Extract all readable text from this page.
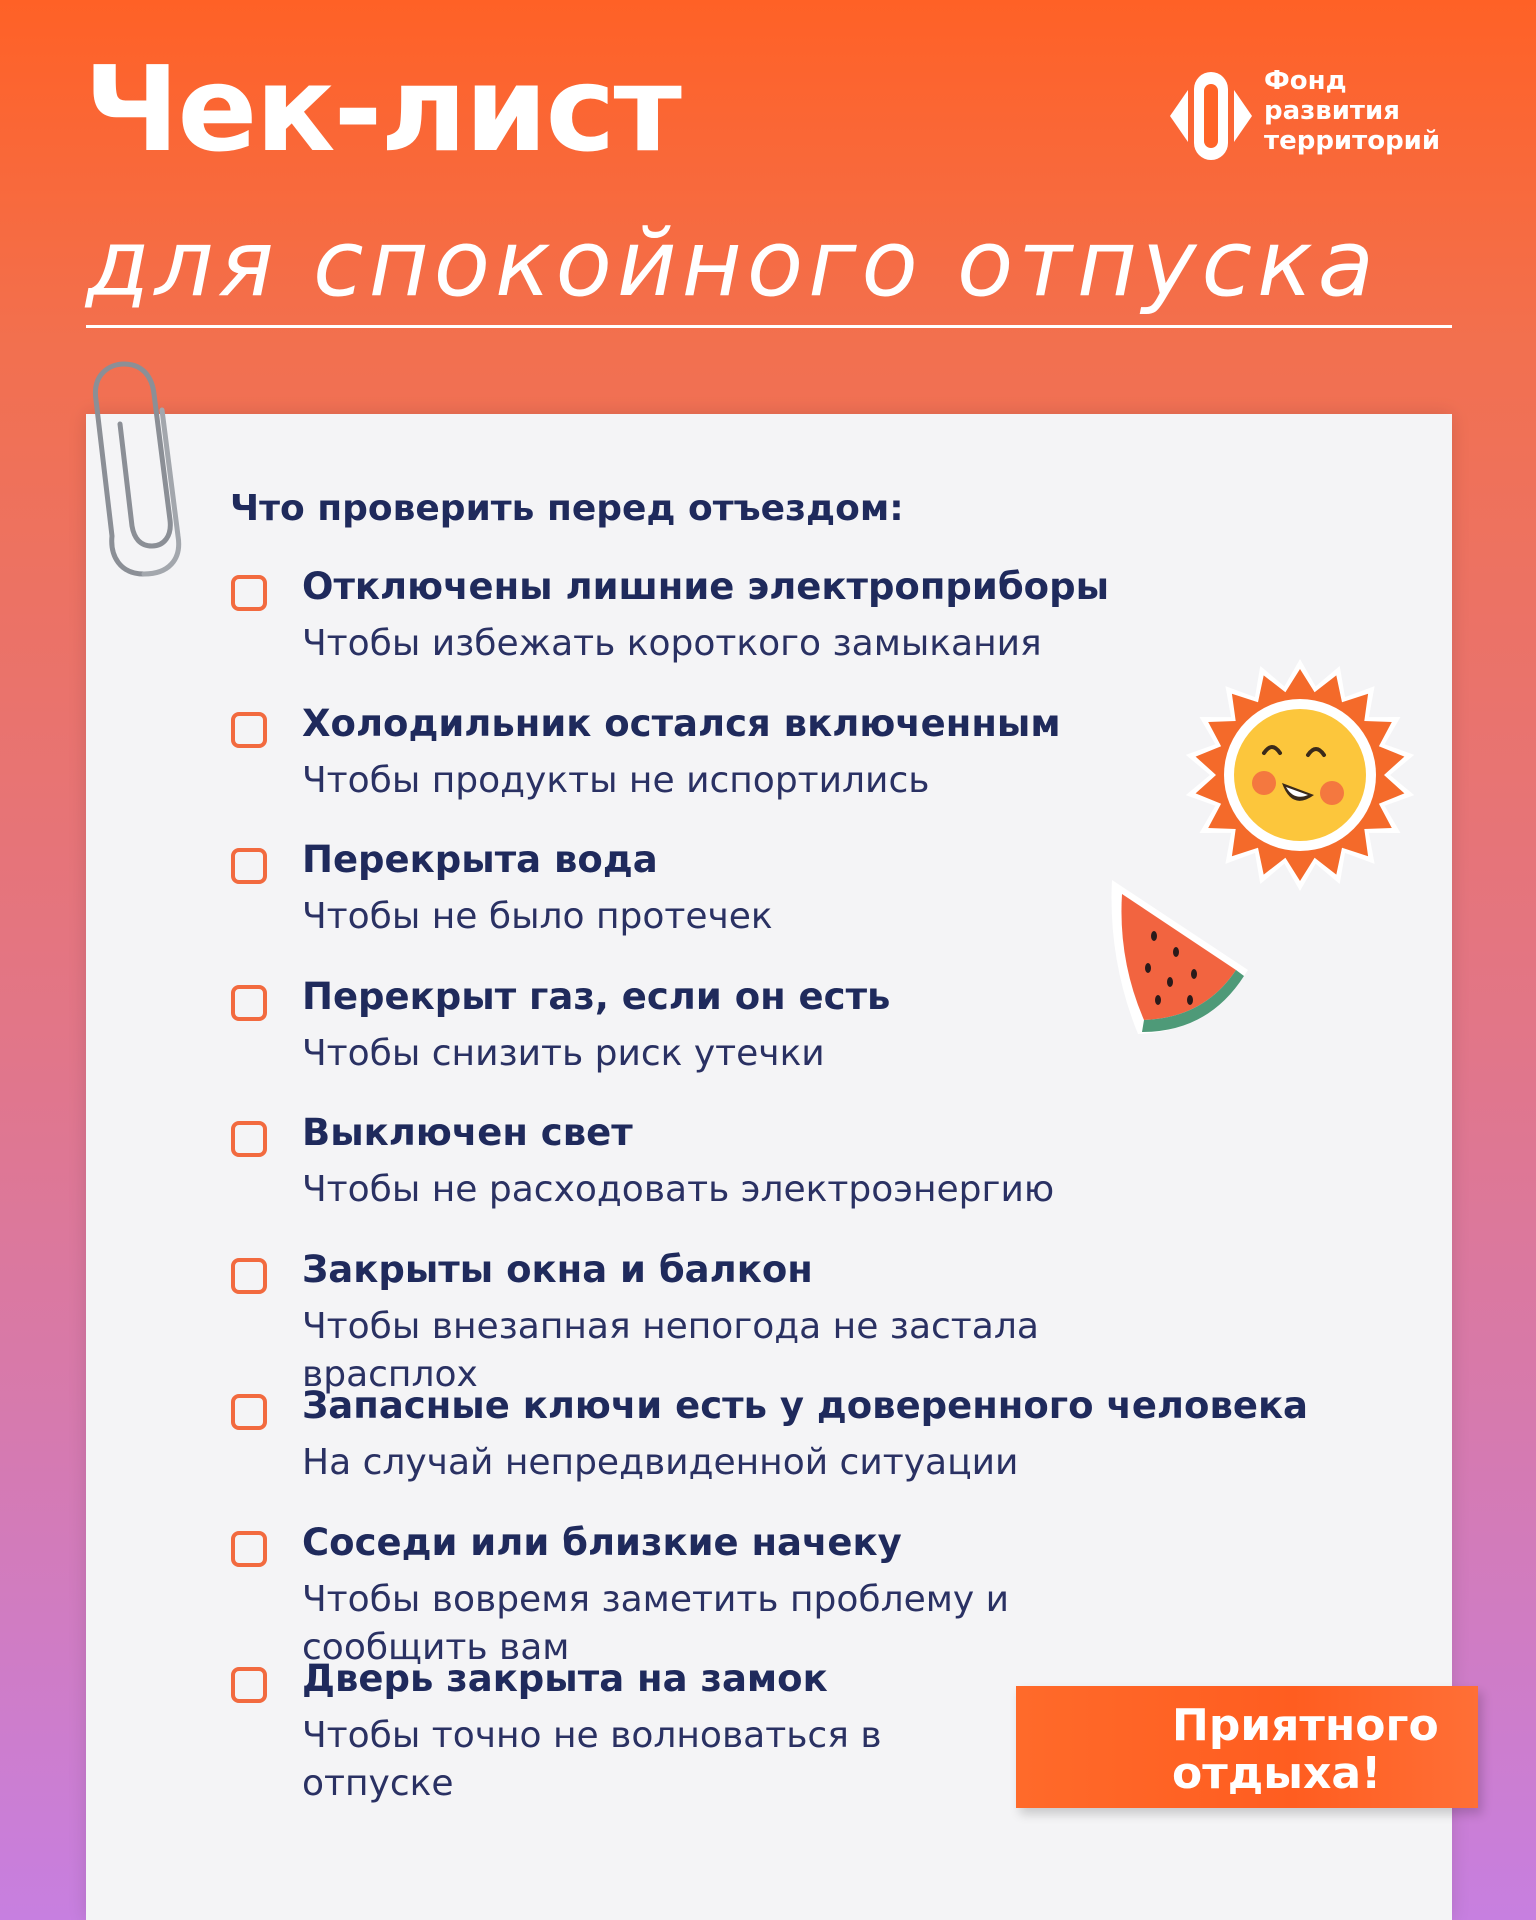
Чек-лист	Фонд
развития
территорий
для спокойного отпуска
Что проверить перед отъездом:

Отключены лишние электроприборы

Чтобы избежать короткого замыкания

Холодильник остался включенным

Чтобы продукты не испортились

Перекрыта вода

Чтобы не было протечек

Перекрыт газ, если он есть

Чтобы снизить риск утечки

Выключен свет

Чтобы не расходовать электроэнергию

Закрыты окна и балкон

Чтобы внезапная непогода не застала врасплох

Запасные ключи есть у доверенного человека

На случай непредвиденной ситуации

Соседи или близкие начеку

Чтобы вовремя заметить проблему и сообщить вам

Дверь закрыта на замок

Чтобы точно не волноваться в отпуске

Приятного отдыха!
